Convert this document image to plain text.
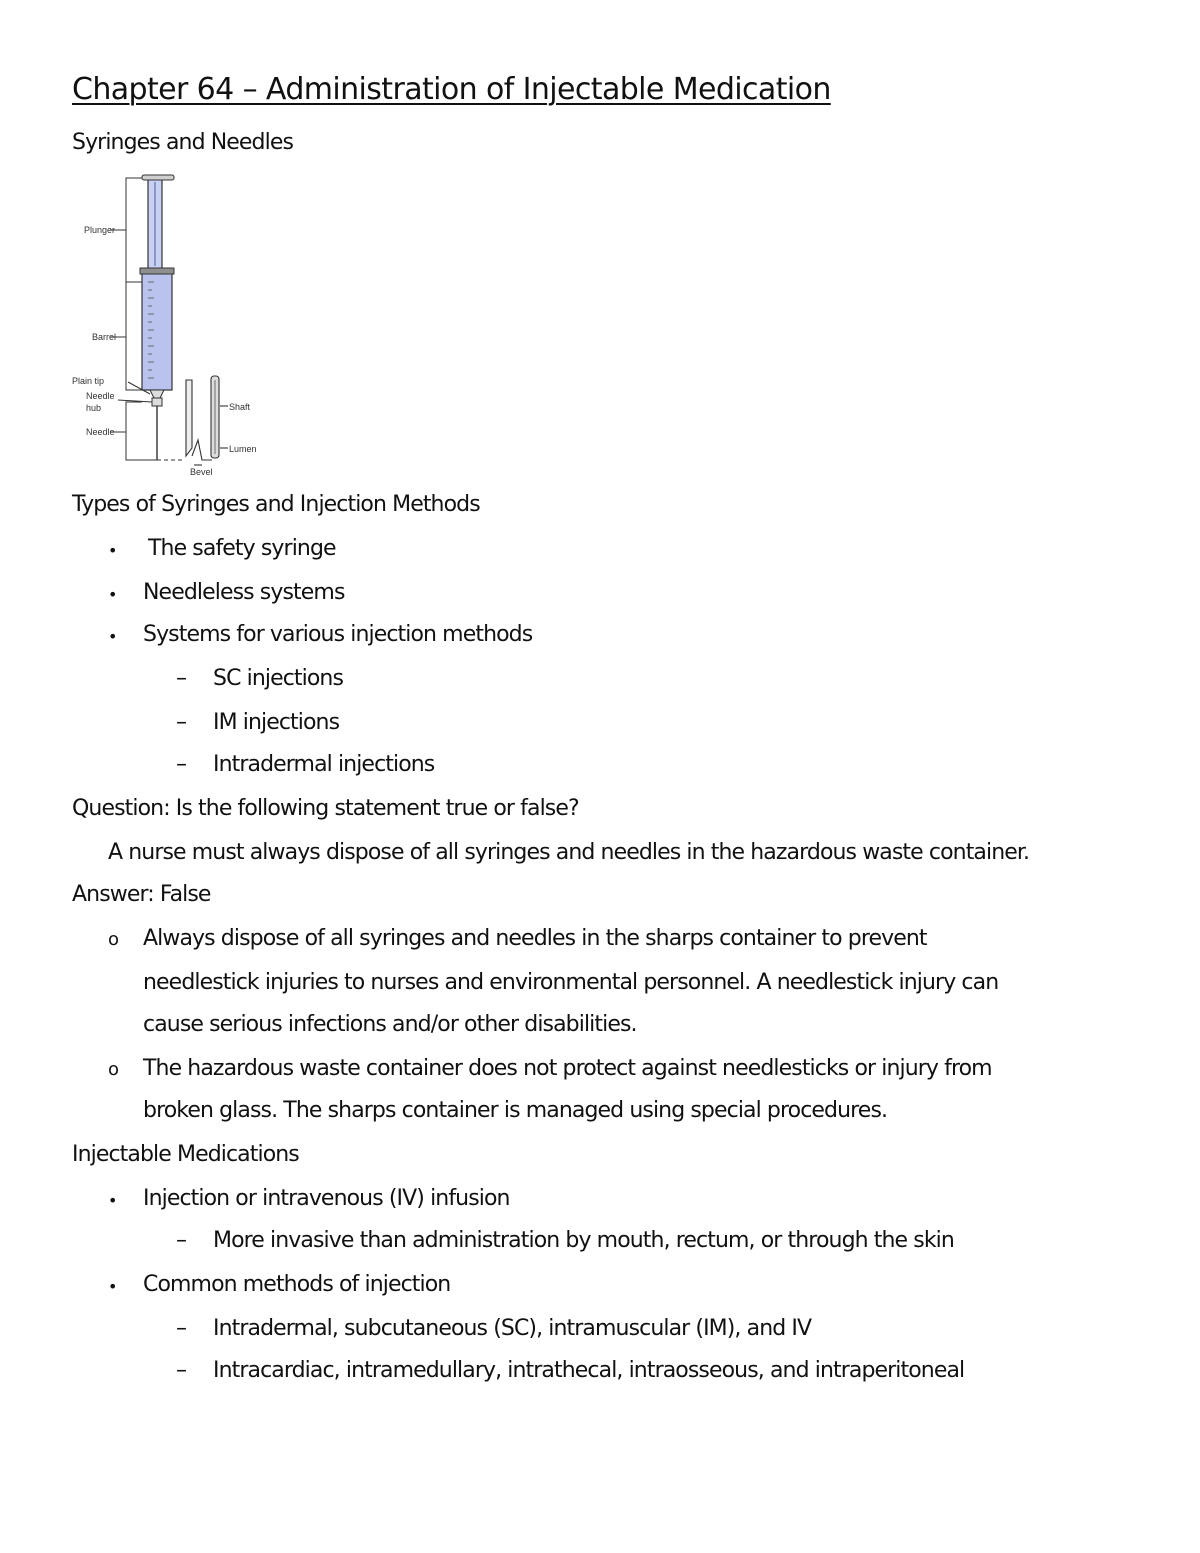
Chapter 64 – Administration of Injectable Medication
Syringes and Needles
Plunger
Barrel
Plain tip
Needle
hub
Needle
Shaft
Lumen
Bevel
Types of Syringes and Injection Methods
• The safety syringe
• Needleless systems
• Systems for various injection methods
– SC injections
– IM injections
– Intradermal injections
Question: Is the following statement true or false?
A nurse must always dispose of all syringes and needles in the hazardous waste container.
Answer: False
o Always dispose of all syringes and needles in the sharps container to prevent
needlestick injuries to nurses and environmental personnel. A needlestick injury can
cause serious infections and/or other disabilities.
o The hazardous waste container does not protect against needlesticks or injury from
broken glass. The sharps container is managed using special procedures.
Injectable Medications
• Injection or intravenous (IV) infusion
– More invasive than administration by mouth, rectum, or through the skin
• Common methods of injection
– Intradermal, subcutaneous (SC), intramuscular (IM), and IV
– Intracardiac, intramedullary, intrathecal, intraosseous, and intraperitoneal
